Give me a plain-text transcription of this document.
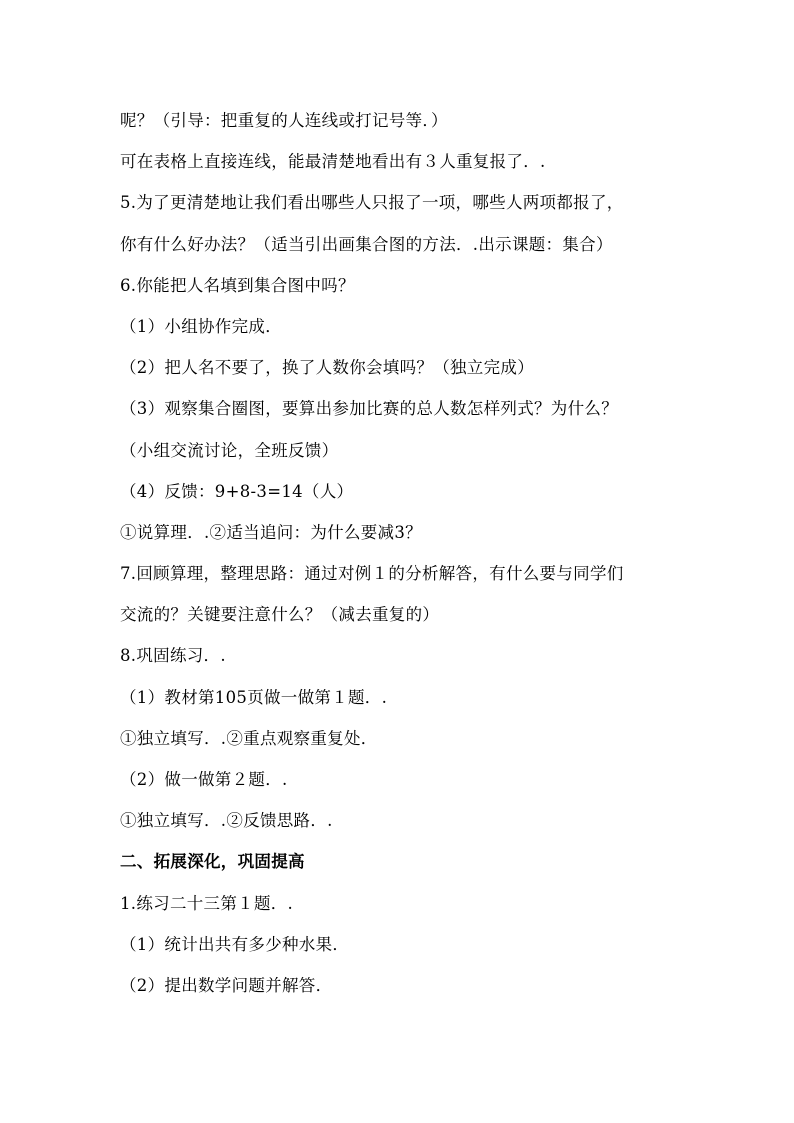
呢？（引导：把重复的人连线或打记号等．）
可在表格上直接连线，能最清楚地看出有３人重复报了．.
5.为了更清楚地让我们看出哪些人只报了一项，哪些人两项都报了，
你有什么好办法？（适当引出画集合图的方法．.出示课题：集合）
6.你能把人名填到集合图中吗？
（1）小组协作完成．
（2）把人名不要了，换了人数你会填吗？（独立完成）
（3）观察集合圈图，要算出参加比赛的总人数怎样列式？为什么？
（小组交流讨论，全班反馈）
（4）反馈：9+8-3=14（人）
①说算理．.②适当追问：为什么要减3？
7.回顾算理，整理思路：通过对例１的分析解答，有什么要与同学们
交流的？关键要注意什么？（减去重复的）
8.巩固练习．.
（1）教材第105页做一做第１题．.
①独立填写．.②重点观察重复处．
（2）做一做第２题．.
①独立填写．.②反馈思路．.
二、拓展深化，巩固提高
1.练习二十三第１题．.
（1）统计出共有多少种水果．
（2）提出数学问题并解答．
